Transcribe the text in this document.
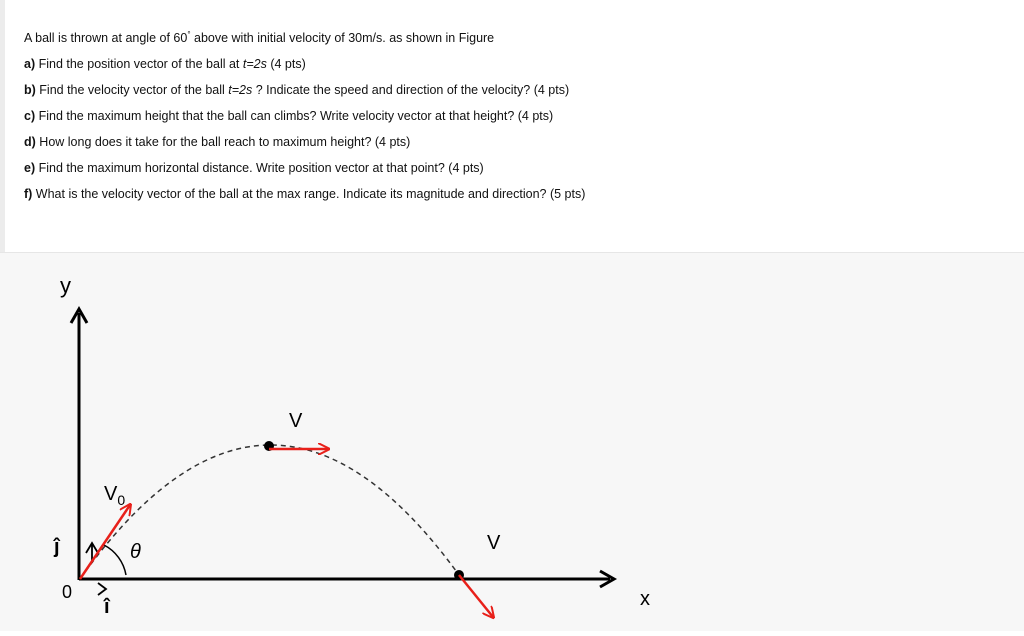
A ball is thrown at angle of 60° above with initial velocity of 30m/s. as shown in Figure
a) Find the position vector of the ball at t=2s (4 pts)
b) Find the velocity vector of the ball t=2s ? Indicate the speed and direction of the velocity? (4 pts)
c) Find the maximum height that the ball can climbs? Write velocity vector at that height? (4 pts)
d) How long does it take for the ball reach to maximum height? (4 pts)
e) Find the maximum horizontal distance. Write position vector at that point? (4 pts)
f) What is the velocity vector of the ball at the max range. Indicate its magnitude and direction? (5 pts)
y
x
0
ĵ
î
θ
$V_0$
V
V
